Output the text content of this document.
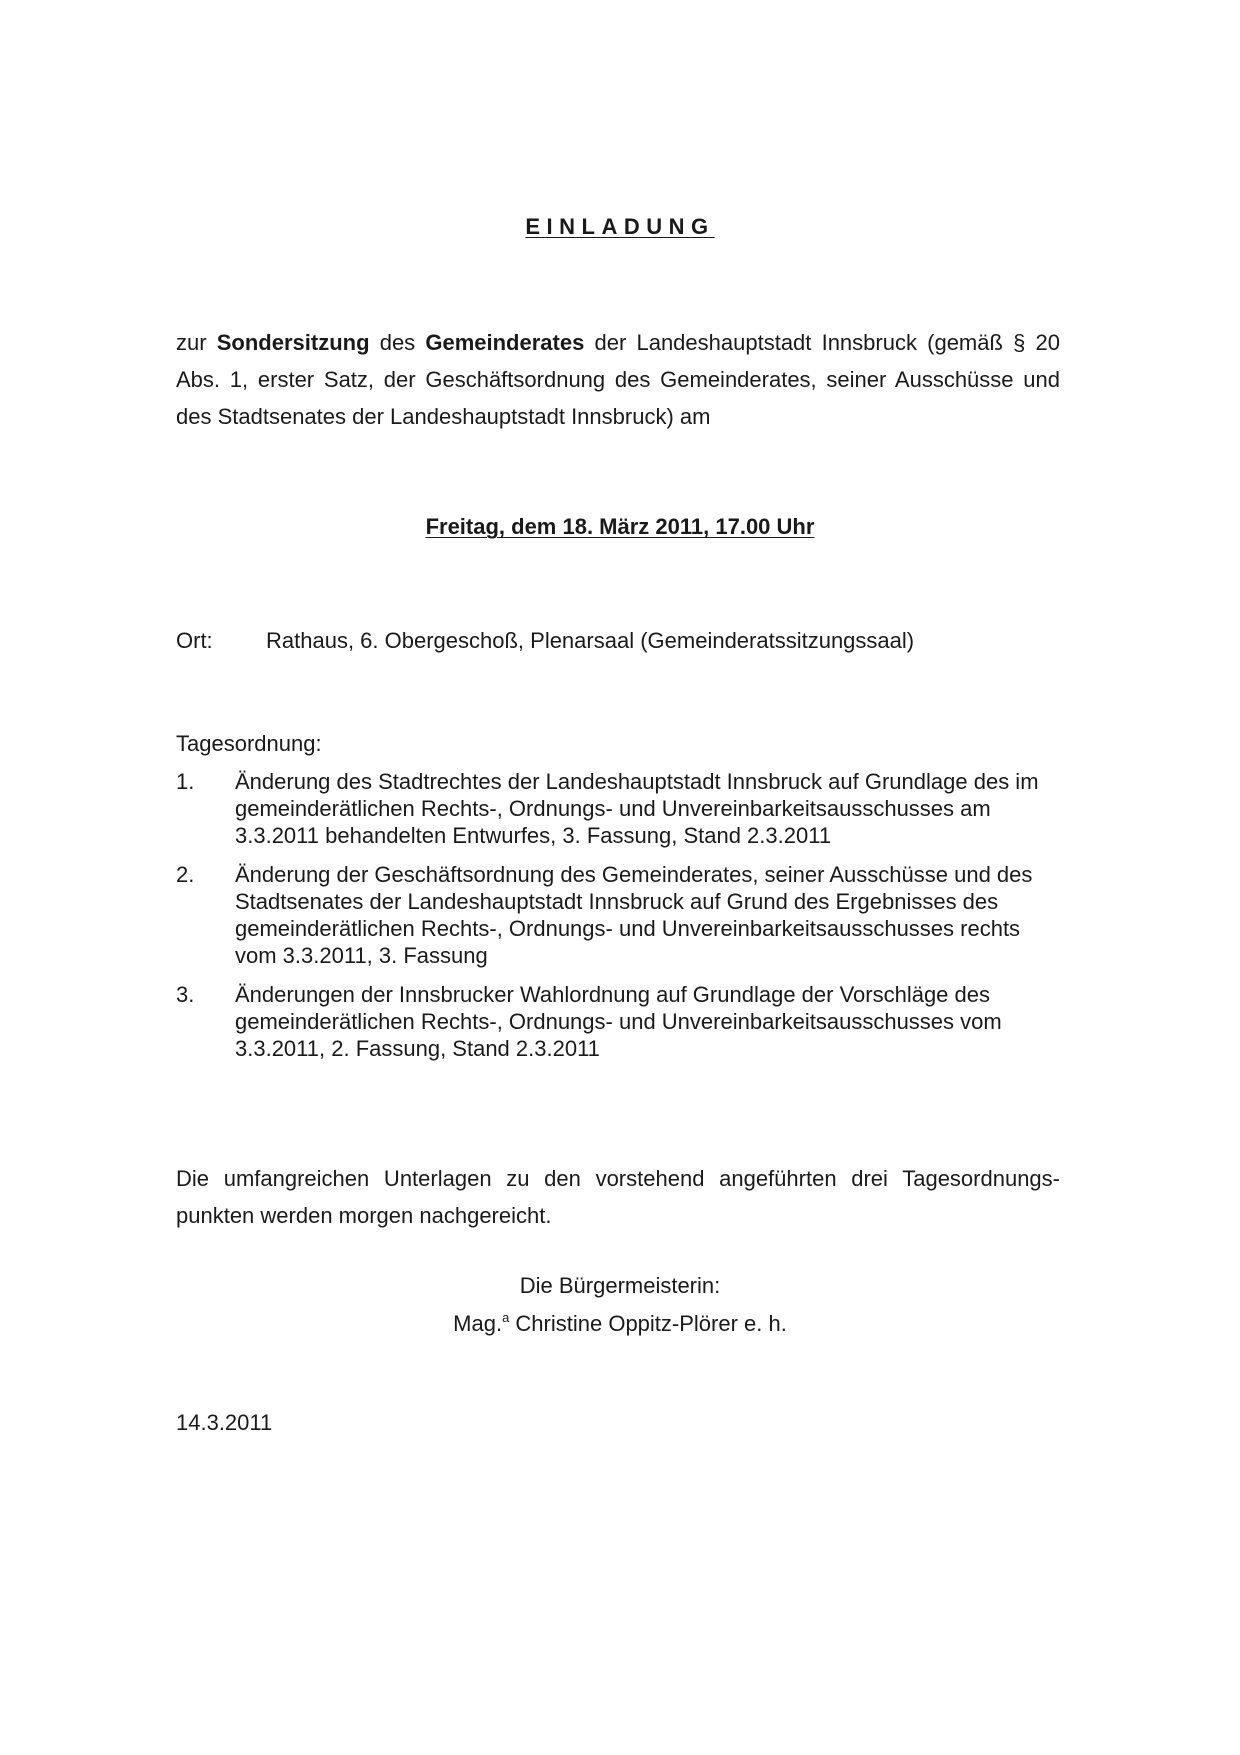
EINLADUNG
zur Sondersitzung des Gemeinderates der Landeshauptstadt Innsbruck (gemäß § 20 Abs. 1, erster Satz, der Geschäftsordnung des Gemeinderates, seiner Ausschüsse und des Stadtsenates der Landeshauptstadt Innsbruck) am
Freitag, dem 18. März 2011, 17.00 Uhr
Ort: Rathaus, 6. Obergeschoß, Plenarsaal (Gemeinderatssitzungssaal)
Tagesordnung:
1.	Änderung des Stadtrechtes der Landeshauptstadt Innsbruck auf Grundlage des im gemeinderätlichen Rechts-, Ordnungs- und Unvereinbarkeitsausschusses am 3.3.2011 behandelten Entwurfes, 3. Fassung, Stand 2.3.2011
2.	Änderung der Geschäftsordnung des Gemeinderates, seiner Ausschüsse und des Stadtsenates der Landeshauptstadt Innsbruck auf Grund des Ergebnisses des gemeinderätlichen Rechts-, Ordnungs- und Unvereinbarkeitsausschusses rechts vom 3.3.2011, 3. Fassung
3.	Änderungen der Innsbrucker Wahlordnung auf Grundlage der Vorschläge des gemeinderätlichen Rechts-, Ordnungs- und Unvereinbarkeitsausschusses vom 3.3.2011, 2. Fassung, Stand 2.3.2011
Die umfangreichen Unterlagen zu den vorstehend angeführten drei Tagesordnungs-punkten werden morgen nachgereicht.
Die Bürgermeisterin:
Mag.$^a$ Christine Oppitz-Plörer e. h.
14.3.2011
